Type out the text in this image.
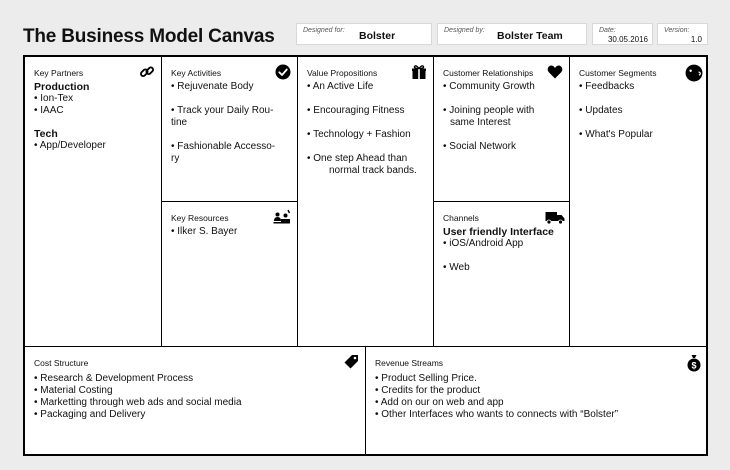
The Business Model Canvas	Designed for: Bolster	Designed by: Bolster Team	Date:
30.05.2016
Version:
1.0
Key Partners
Production
• Ion-Tex
• IAAC
Tech
• App/Developer
Key Activities
• Rejuvenate Body
• Track your Daily Rou-
tine
• Fashionable Accesso-
ry
Key Resources
• Ilker S. Bayer
Value Propositions
• An Active Life
• Encouraging Fitness
• Technology + Fashion
• One step Ahead than
normal track bands.
Customer Relationships
• Community Growth
• Joining people with
same Interest
• Social Network
Channels
User friendly Interface
• iOS/Android App
• Web
Customer Segments
• Feedbacks
• Updates
• What's Popular
Cost Structure
• Research & Development Process
• Material Costing
• Marketting through web ads and social media
• Packaging and Delivery
Revenue Streams	$
• Product Selling Price.
• Credits for the product
• Add on our on web and app
• Other Interfaces who wants to connects with “Bolster”
